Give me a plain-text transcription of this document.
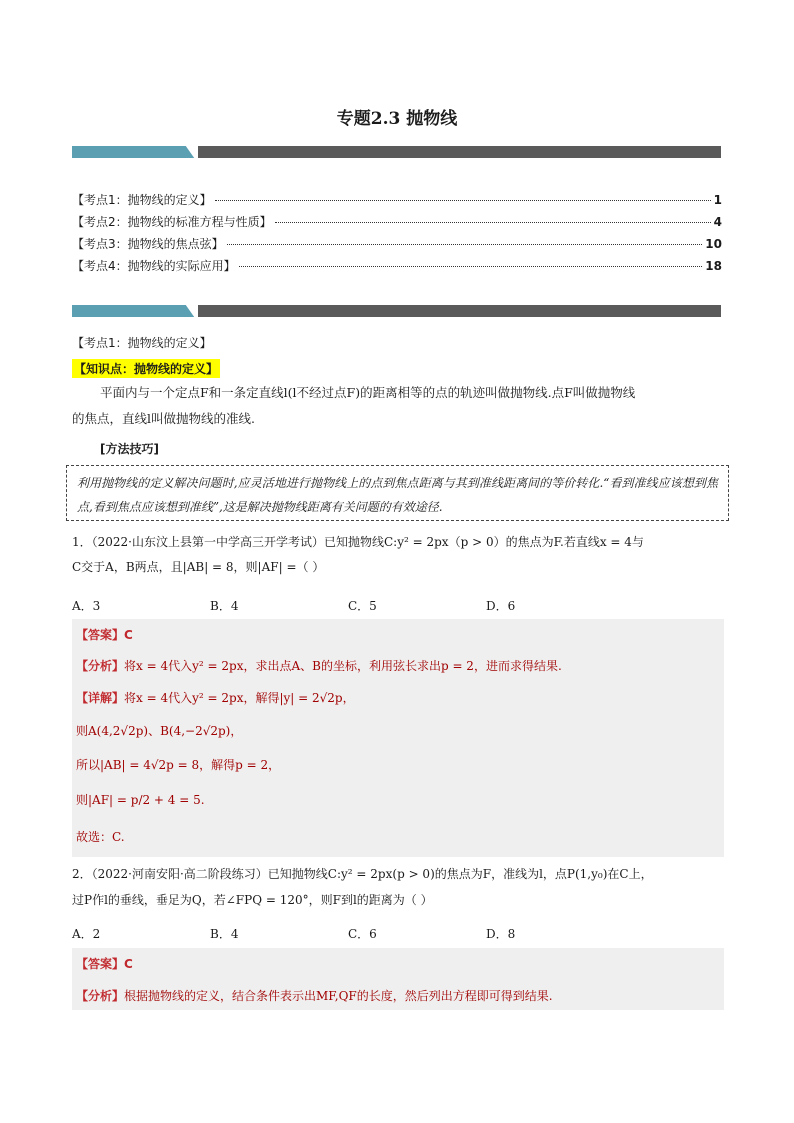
专题2.3 抛物线
【考点1：抛物线的定义】	1
【考点2：抛物线的标准方程与性质】	4
【考点3：抛物线的焦点弦】	10
【考点4：抛物线的实际应用】	18
【考点1：抛物线的定义】
【知识点：抛物线的定义】
平面内与一个定点F和一条定直线l(l不经过点F)的距离相等的点的轨迹叫做抛物线.点F叫做抛物线
的焦点，直线l叫做抛物线的准线.
[方法技巧]
利用抛物线的定义解决问题时,应灵活地进行抛物线上的点到焦点距离与其到准线距离间的等价转化.“看到准线应该想到焦点,看到焦点应该想到准线”,这是解决抛物线距离有关问题的有效途径.
1．（2022·山东汶上县第一中学高三开学考试）已知抛物线C:y² = 2px（p > 0）的焦点为F.若直线x = 4与
C交于A，B两点，且|AB| = 8，则|AF| =（ ）
A．3	B．4	C．5	D．6
【答案】C
【分析】将x = 4代入y² = 2px，求出点A、B的坐标，利用弦长求出p = 2，进而求得结果.
【详解】将x = 4代入y² = 2px，解得|y| = 2√2p，
则A(4,2√2p)、B(4,−2√2p)，
所以|AB| = 4√2p = 8，解得p = 2，
则|AF| = p/2 + 4 = 5.
故选：C.
2．（2022·河南安阳·高二阶段练习）已知抛物线C:y² = 2px(p > 0)的焦点为F，准线为l，点P(1,y₀)在C上，
过P作l的垂线，垂足为Q，若∠FPQ = 120°，则F到l的距离为（ ）
A．2	B．4	C．6	D．8
【答案】C
【分析】根据抛物线的定义，结合条件表示出MF,QF的长度，然后列出方程即可得到结果.
